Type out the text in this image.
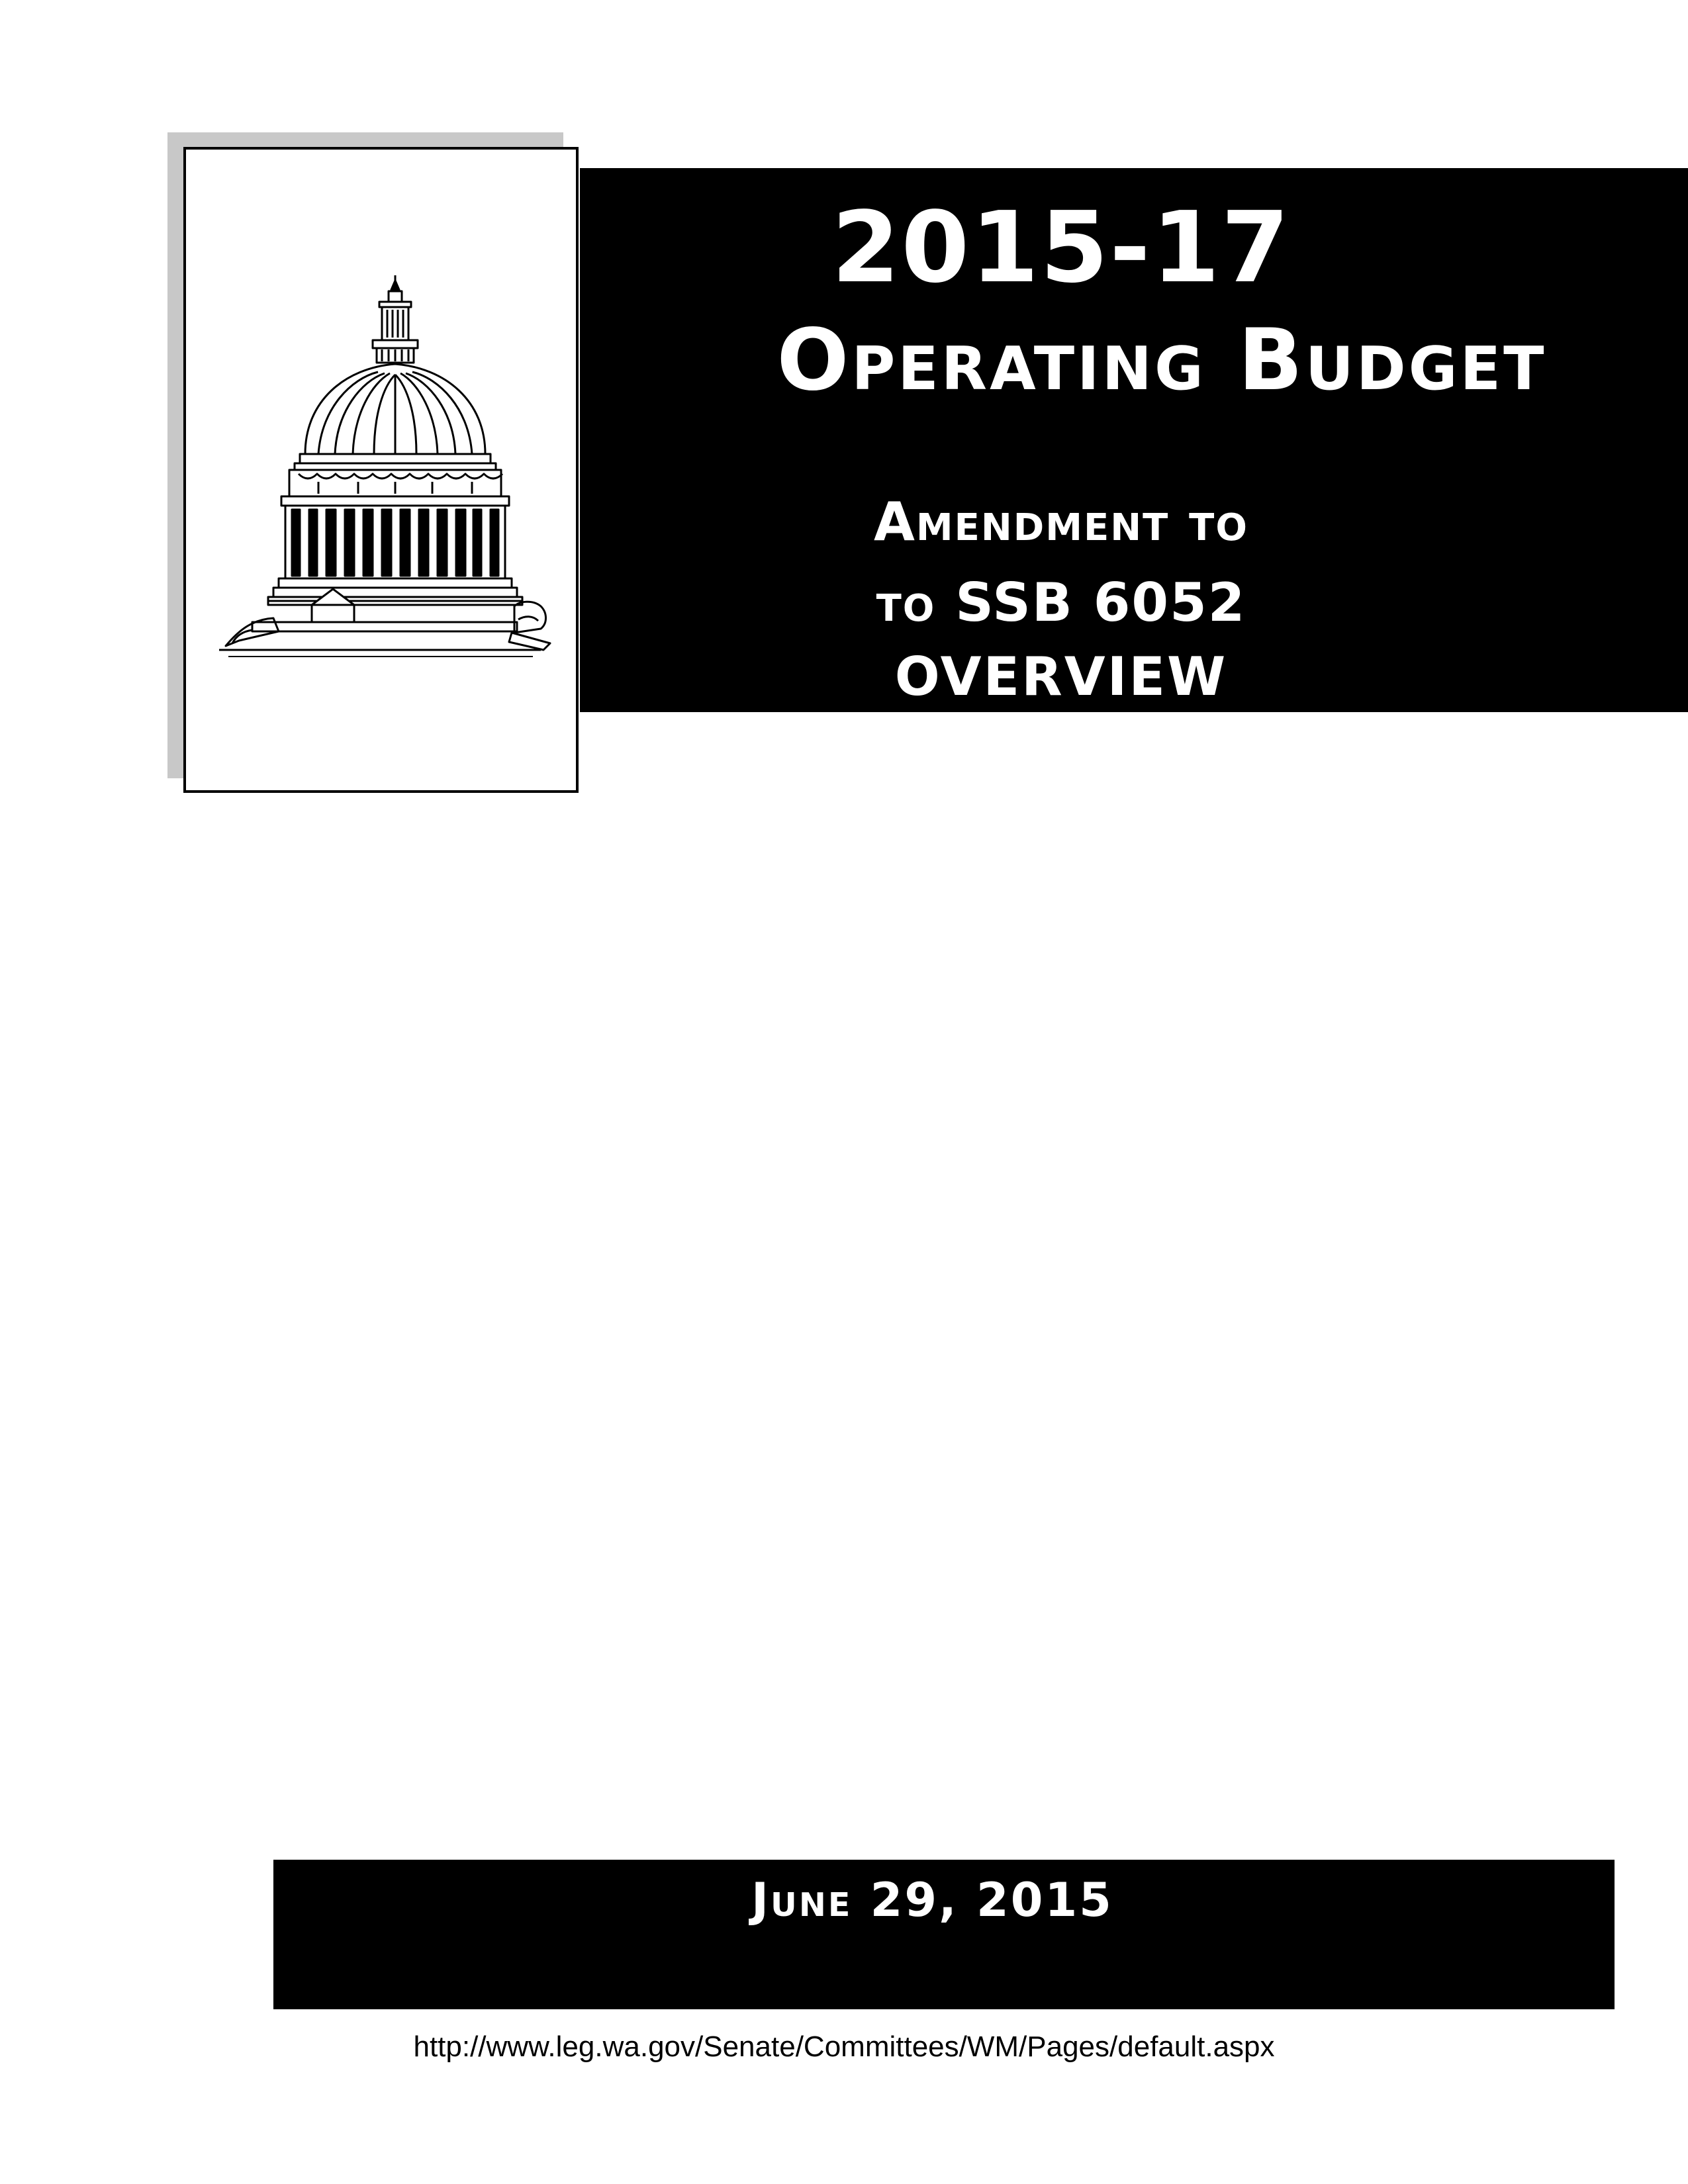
2015-17
Operating Budget
Amendment to
to SSB 6052
OVERVIEW
June 29, 2015
http://www.leg.wa.gov/Senate/Committees/WM/Pages/default.aspx
